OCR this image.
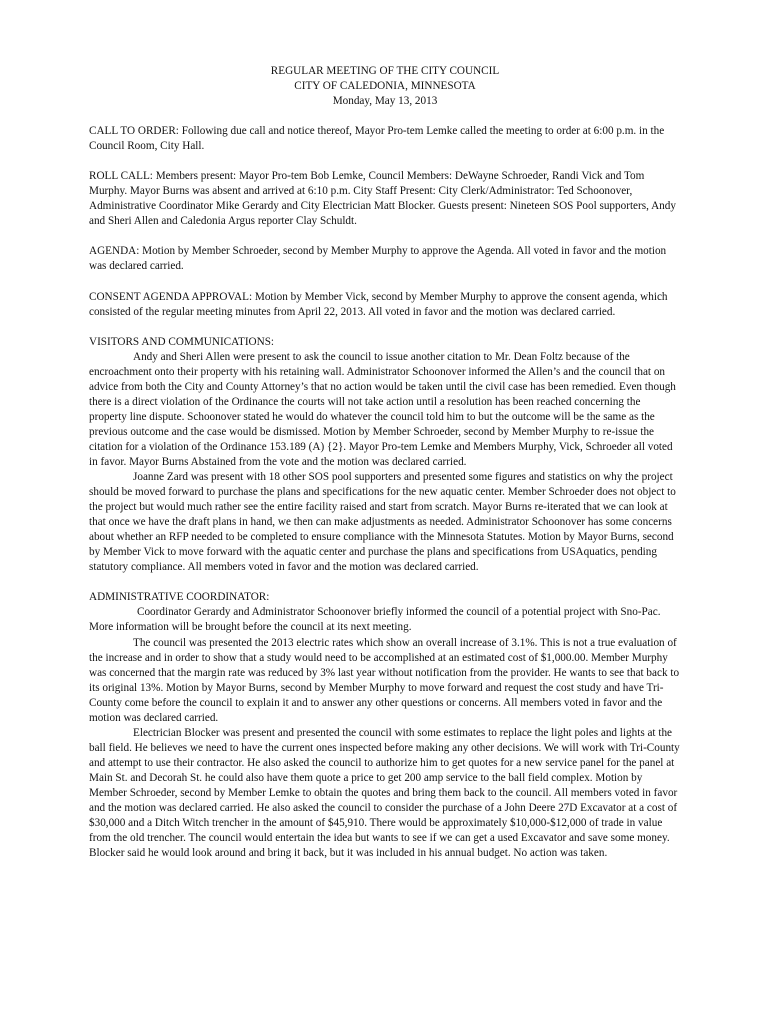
REGULAR MEETING OF THE CITY COUNCIL
CITY OF CALEDONIA, MINNESOTA
Monday, May 13, 2013

CALL TO ORDER: Following due call and notice thereof, Mayor Pro-tem Lemke called the meeting to order at 6:00 p.m. in the Council Room, City Hall.

ROLL CALL: Members present: Mayor Pro-tem Bob Lemke, Council Members: DeWayne Schroeder, Randi Vick and Tom Murphy. Mayor Burns was absent and arrived at 6:10 p.m. City Staff Present: City Clerk/Administrator: Ted Schoonover, Administrative Coordinator Mike Gerardy and City Electrician Matt Blocker. Guests present: Nineteen SOS Pool supporters, Andy and Sheri Allen and Caledonia Argus reporter Clay Schuldt.

AGENDA: Motion by Member Schroeder, second by Member Murphy to approve the Agenda. All voted in favor and the motion was declared carried.

CONSENT AGENDA APPROVAL: Motion by Member Vick, second by Member Murphy to approve the consent agenda, which consisted of the regular meeting minutes from April 22, 2013. All voted in favor and the motion was declared carried.

VISITORS AND COMMUNICATIONS:

Andy and Sheri Allen were present to ask the council to issue another citation to Mr. Dean Foltz because of the encroachment onto their property with his retaining wall. Administrator Schoonover informed the Allen’s and the council that on advice from both the City and County Attorney’s that no action would be taken until the civil case has been remedied. Even though there is a direct violation of the Ordinance the courts will not take action until a resolution has been reached concerning the property line dispute. Schoonover stated he would do whatever the council told him to but the outcome will be the same as the previous outcome and the case would be dismissed. Motion by Member Schroeder, second by Member Murphy to re-issue the citation for a violation of the Ordinance 153.189 (A) {2}. Mayor Pro-tem Lemke and Members Murphy, Vick, Schroeder all voted in favor. Mayor Burns Abstained from the vote and the motion was declared carried.

Joanne Zard was present with 18 other SOS pool supporters and presented some figures and statistics on why the project should be moved forward to purchase the plans and specifications for the new aquatic center. Member Schroeder does not object to the project but would much rather see the entire facility raised and start from scratch. Mayor Burns re-iterated that we can look at that once we have the draft plans in hand, we then can make adjustments as needed. Administrator Schoonover has some concerns about whether an RFP needed to be completed to ensure compliance with the Minnesota Statutes. Motion by Mayor Burns, second by Member Vick to move forward with the aquatic center and purchase the plans and specifications from USAquatics, pending statutory compliance. All members voted in favor and the motion was declared carried.

ADMINISTRATIVE COORDINATOR:

Coordinator Gerardy and Administrator Schoonover briefly informed the council of a potential project with Sno-Pac. More information will be brought before the council at its next meeting.

The council was presented the 2013 electric rates which show an overall increase of 3.1%. This is not a true evaluation of the increase and in order to show that a study would need to be accomplished at an estimated cost of $1,000.00. Member Murphy was concerned that the margin rate was reduced by 3% last year without notification from the provider. He wants to see that back to its original 13%. Motion by Mayor Burns, second by Member Murphy to move forward and request the cost study and have Tri-County come before the council to explain it and to answer any other questions or concerns. All members voted in favor and the motion was declared carried.

Electrician Blocker was present and presented the council with some estimates to replace the light poles and lights at the ball field. He believes we need to have the current ones inspected before making any other decisions. We will work with Tri-County and attempt to use their contractor. He also asked the council to authorize him to get quotes for a new service panel for the panel at Main St. and Decorah St. he could also have them quote a price to get 200 amp service to the ball field complex. Motion by Member Schroeder, second by Member Lemke to obtain the quotes and bring them back to the council. All members voted in favor and the motion was declared carried. He also asked the council to consider the purchase of a John Deere 27D Excavator at a cost of $30,000 and a Ditch Witch trencher in the amount of $45,910. There would be approximately $10,000-$12,000 of trade in value from the old trencher. The council would entertain the idea but wants to see if we can get a used Excavator and save some money. Blocker said he would look around and bring it back, but it was included in his annual budget. No action was taken.
